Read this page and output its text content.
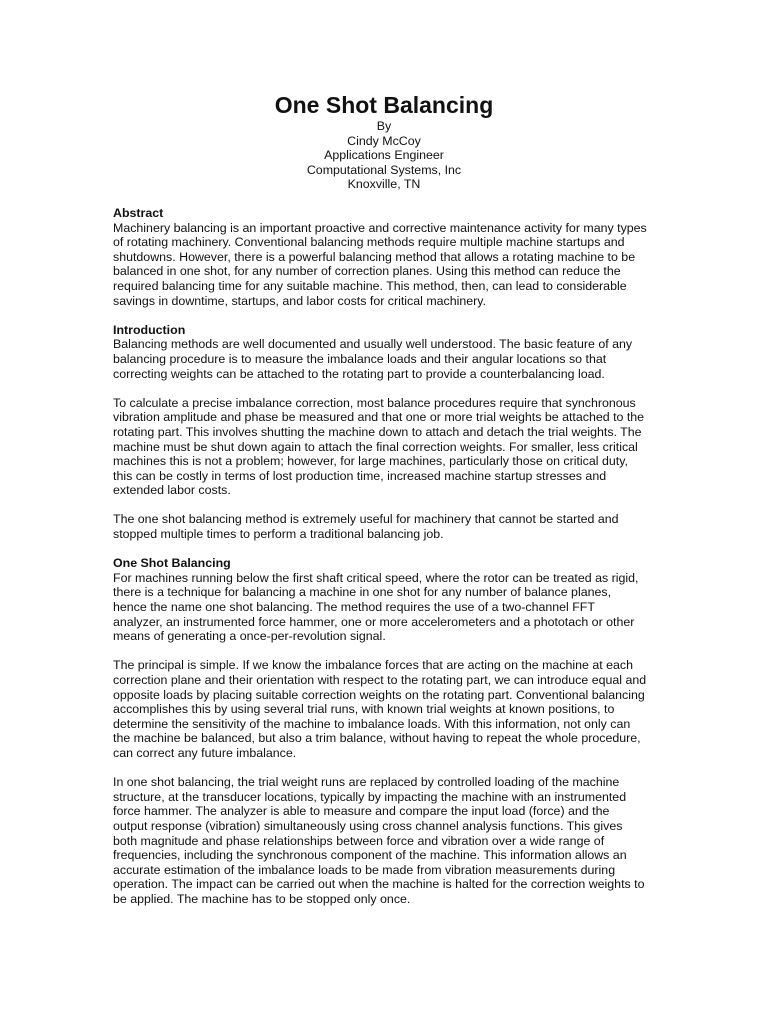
One Shot Balancing
By
Cindy McCoy
Applications Engineer
Computational Systems, Inc
Knoxville, TN
Abstract
Machinery balancing is an important proactive and corrective maintenance activity for many types
of rotating machinery. Conventional balancing methods require multiple machine startups and
shutdowns. However, there is a powerful balancing method that allows a rotating machine to be
balanced in one shot, for any number of correction planes. Using this method can reduce the
required balancing time for any suitable machine. This method, then, can lead to considerable
savings in downtime, startups, and labor costs for critical machinery.
Introduction
Balancing methods are well documented and usually well understood. The basic feature of any
balancing procedure is to measure the imbalance loads and their angular locations so that
correcting weights can be attached to the rotating part to provide a counterbalancing load.
To calculate a precise imbalance correction, most balance procedures require that synchronous
vibration amplitude and phase be measured and that one or more trial weights be attached to the
rotating part. This involves shutting the machine down to attach and detach the trial weights. The
machine must be shut down again to attach the final correction weights. For smaller, less critical
machines this is not a problem; however, for large machines, particularly those on critical duty,
this can be costly in terms of lost production time, increased machine startup stresses and
extended labor costs.
The one shot balancing method is extremely useful for machinery that cannot be started and
stopped multiple times to perform a traditional balancing job.
One Shot Balancing
For machines running below the first shaft critical speed, where the rotor can be treated as rigid,
there is a technique for balancing a machine in one shot for any number of balance planes,
hence the name one shot balancing. The method requires the use of a two-channel FFT
analyzer, an instrumented force hammer, one or more accelerometers and a phototach or other
means of generating a once-per-revolution signal.
The principal is simple. If we know the imbalance forces that are acting on the machine at each
correction plane and their orientation with respect to the rotating part, we can introduce equal and
opposite loads by placing suitable correction weights on the rotating part. Conventional balancing
accomplishes this by using several trial runs, with known trial weights at known positions, to
determine the sensitivity of the machine to imbalance loads. With this information, not only can
the machine be balanced, but also a trim balance, without having to repeat the whole procedure,
can correct any future imbalance.
In one shot balancing, the trial weight runs are replaced by controlled loading of the machine
structure, at the transducer locations, typically by impacting the machine with an instrumented
force hammer. The analyzer is able to measure and compare the input load (force) and the
output response (vibration) simultaneously using cross channel analysis functions. This gives
both magnitude and phase relationships between force and vibration over a wide range of
frequencies, including the synchronous component of the machine. This information allows an
accurate estimation of the imbalance loads to be made from vibration measurements during
operation. The impact can be carried out when the machine is halted for the correction weights to
be applied. The machine has to be stopped only once.
